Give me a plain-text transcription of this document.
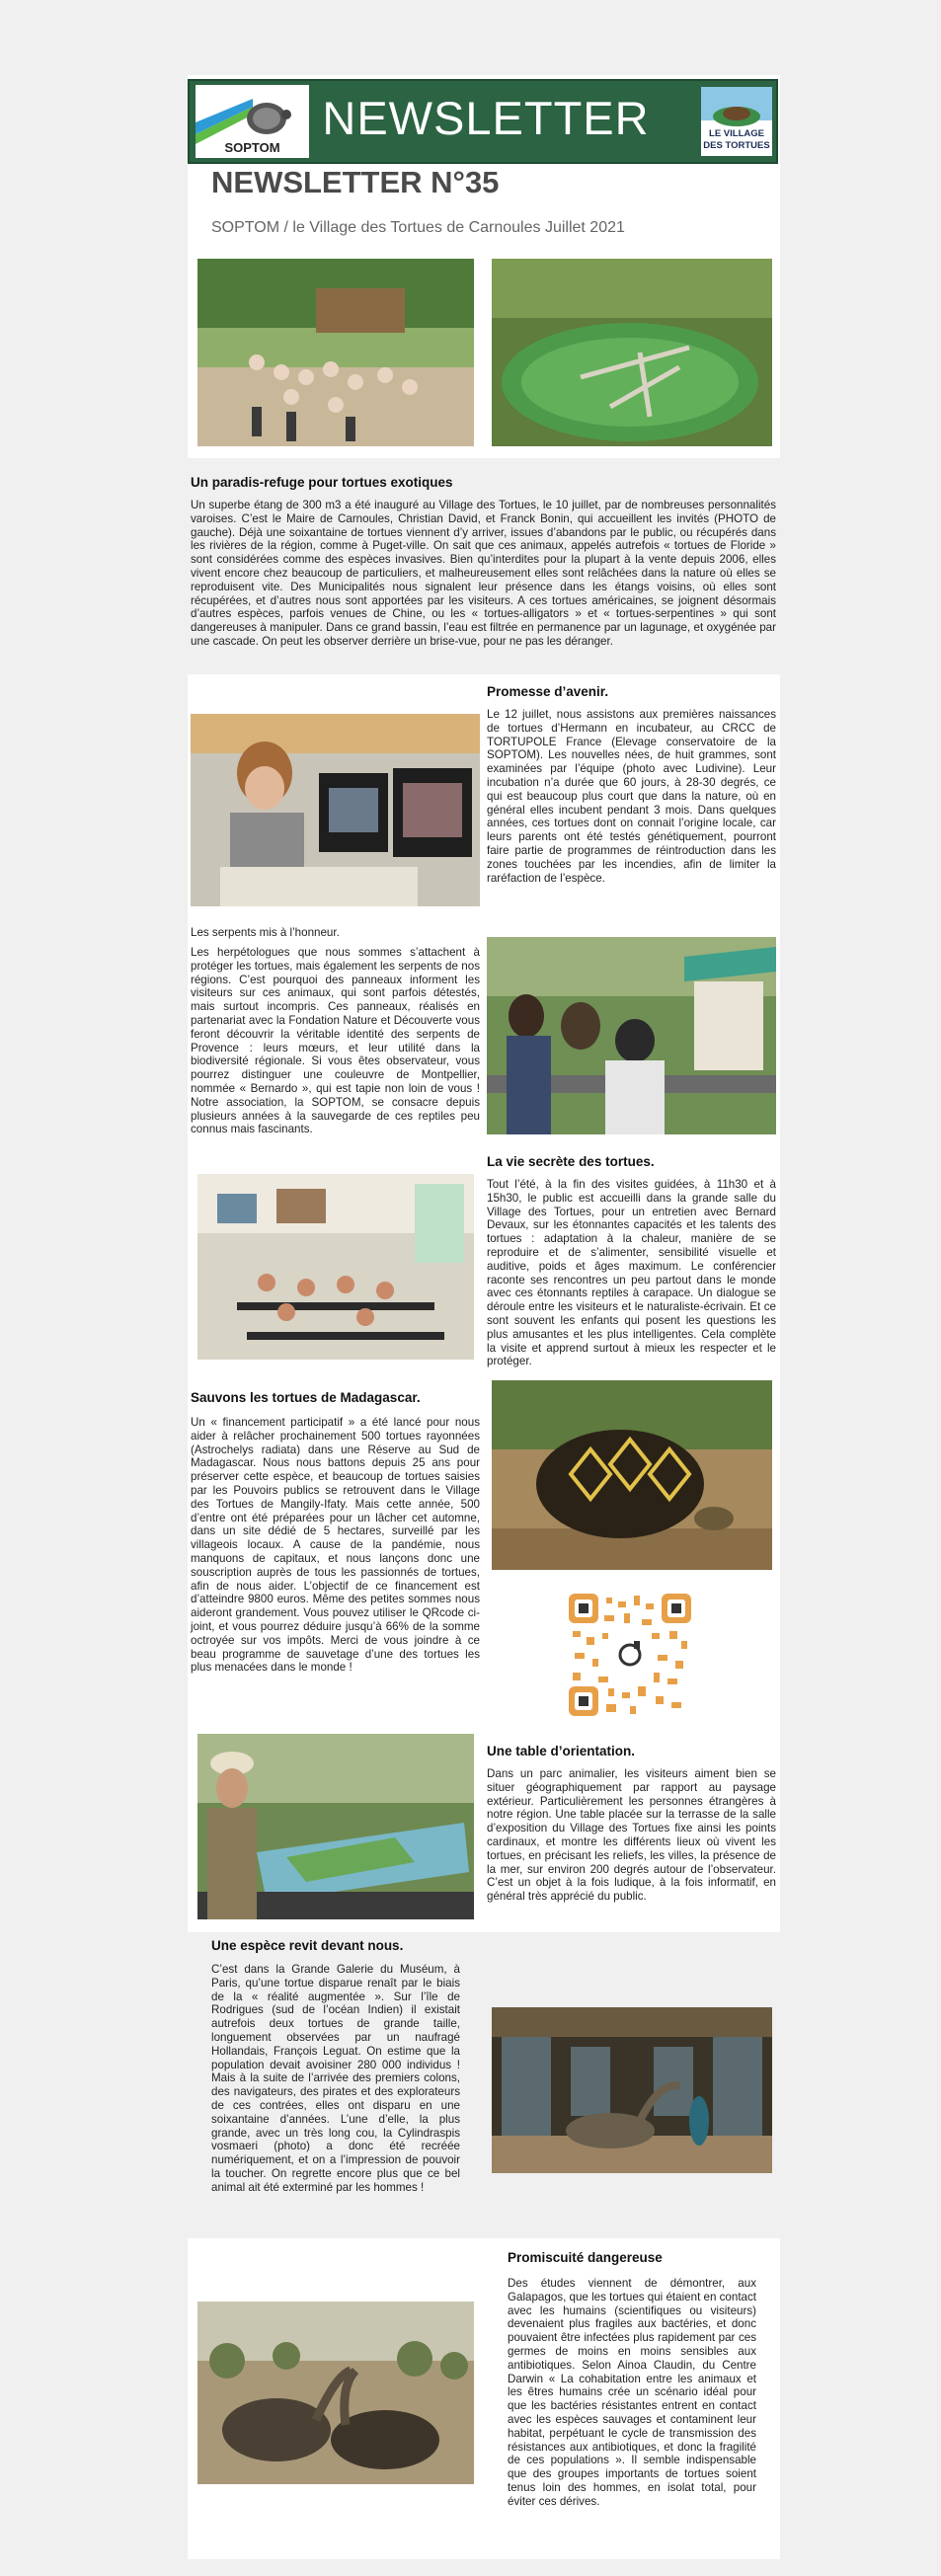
SOPTOM
NEWSLETTER	LE VILLAGE
DES TORTUES
NEWSLETTER N°35
SOPTOM / le Village des Tortues de Carnoules Juillet 2021
Un paradis-refuge pour tortues exotiques

Un superbe étang de 300 m3 a été inauguré au Village des Tortues, le 10 juillet, par de nombreuses personnalités varoises. C’est le Maire de Carnoules, Christian David, et Franck Bonin, qui accueillent les invités (PHOTO de gauche). Déjà une soixantaine de tortues viennent d’y arriver, issues d’abandons par le public, ou récupérés dans les rivières de la région, comme à Puget-ville. On sait que ces animaux, appelés autrefois « tortues de Floride » sont considérées comme des espèces invasives. Bien qu’interdites pour la plupart à la vente depuis 2006, elles vivent encore chez beaucoup de particuliers, et malheureusement elles sont relâchées dans la nature où elles se reproduisent vite. Des Municipalités nous signalent leur présence dans les étangs voisins, où elles sont récupérées, et d’autres nous sont apportées par les visiteurs. A ces tortues américaines, se joignent désormais d’autres espèces, parfois venues de Chine, ou les « tortues-alligators » et « tortues-serpentines » qui sont dangereuses à manipuler. Dans ce grand bassin, l’eau est filtrée en permanence par un lagunage, et oxygénée par une cascade. On peut les observer derrière un brise-vue, pour ne pas les déranger.

Promesse d’avenir.

Le 12 juillet, nous assistons aux premières naissances de tortues d’Hermann en incubateur, au CRCC de TORTUPOLE France (Elevage conservatoire de la SOPTOM). Les nouvelles nées, de huit grammes, sont examinées par l’équipe (photo avec Ludivine). Leur incubation n’a durée que 60 jours, à 28-30 degrés, ce qui est beaucoup plus court que dans la nature, où en général elles incubent pendant 3 mois. Dans quelques années, ces tortues dont on connait l’origine locale, car leurs parents ont été testés génétiquement, pourront faire partie de programmes de réintroduction dans les zones touchées par les incendies, afin de limiter la raréfaction de l’espèce.

Les serpents mis à l’honneur.

Les herpétologues que nous sommes s’attachent à protéger les tortues, mais également les serpents de nos régions. C’est pourquoi des panneaux informent les visiteurs sur ces animaux, qui sont parfois détestés, mais surtout incompris. Ces panneaux, réalisés en partenariat avec la Fondation Nature et Découverte vous feront découvrir la véritable identité des serpents de Provence : leurs mœurs, et leur utilité dans la biodiversité régionale. Si vous êtes observateur, vous pourrez distinguer une couleuvre de Montpellier, nommée « Bernardo », qui est tapie non loin de vous ! Notre association, la SOPTOM, se consacre depuis plusieurs années à la sauvegarde de ces reptiles peu connus mais fascinants.

La vie secrète des tortues.

Tout l’été, à la fin des visites guidées, à 11h30 et à 15h30, le public est accueilli dans la grande salle du Village des Tortues, pour un entretien avec Bernard Devaux, sur les étonnantes capacités et les talents des tortues : adaptation à la chaleur, manière de se reproduire et de s’alimenter, sensibilité visuelle et auditive, poids et âges maximum. Le conférencier raconte ses rencontres un peu partout dans le monde avec ces étonnants reptiles à carapace. Un dialogue se déroule entre les visiteurs et le naturaliste-écrivain. Et ce sont souvent les enfants qui posent les questions les plus amusantes et les plus intelligentes. Cela complète la visite et apprend surtout à mieux les respecter et le protéger.

Sauvons les tortues de Madagascar.

Un « financement participatif » a été lancé pour nous aider à relâcher prochainement 500 tortues rayonnées (Astrochelys radiata) dans une Réserve au Sud de Madagascar. Nous nous battons depuis 25 ans pour préserver cette espèce, et beaucoup de tortues saisies par les Pouvoirs publics se retrouvent dans le Village des Tortues de Mangily-Ifaty. Mais cette année, 500 d’entre ont été préparées pour un lâcher cet automne, dans un site dédié de 5 hectares, surveillé par les villageois locaux. A cause de la pandémie, nous manquons de capitaux, et nous lançons donc une souscription auprès de tous les passionnés de tortues, afin de nous aider. L’objectif de ce financement est d’atteindre 9800 euros. Même des petites sommes nous aideront grandement. Vous pouvez utiliser le QRcode ci-joint, et vous pourrez déduire jusqu’à 66% de la somme octroyée sur vos impôts. Merci de vous joindre à ce beau programme de sauvetage d’une des tortues les plus menacées dans le monde !

Une table d’orientation.

Dans un parc animalier, les visiteurs aiment bien se situer géographiquement par rapport au paysage extérieur. Particulièrement les personnes étrangères à notre région. Une table placée sur la terrasse de la salle d’exposition du Village des Tortues fixe ainsi les points cardinaux, et montre les différents lieux où vivent les tortues, en précisant les reliefs, les villes, la présence de la mer, sur environ 200 degrés autour de l’observateur. C’est un objet à la fois ludique, à la fois informatif, en général très apprécié du public.

Une espèce revit devant nous.

C’est dans la Grande Galerie du Muséum, à Paris, qu’une tortue disparue renaît par le biais de la « réalité augmentée ». Sur l’île de Rodrigues (sud de l’océan Indien) il existait autrefois deux tortues de grande taille, longuement observées par un naufragé Hollandais, François Leguat. On estime que la population devait avoisiner 280 000 individus ! Mais à la suite de l’arrivée des premiers colons, des navigateurs, des pirates et des explorateurs de ces contrées, elles ont disparu en une soixantaine d’années. L’une d’elle, la plus grande, avec un très long cou, la Cylindraspis vosmaeri (photo) a donc été recréée numériquement, et on a l’impression de pouvoir la toucher. On regrette encore plus que ce bel animal ait été exterminé par les hommes !

Promiscuité dangereuse

Des études viennent de démontrer, aux Galapagos, que les tortues qui étaient en contact avec les humains (scientifiques ou visiteurs) devenaient plus fragiles aux bactéries, et donc pouvaient être infectées plus rapidement par ces germes de moins en moins sensibles aux antibiotiques. Selon Ainoa Claudin, du Centre Darwin « La cohabitation entre les animaux et les êtres humains crée un scénario idéal pour que les bactéries résistantes entrent en contact avec les espèces sauvages et contaminent leur habitat, perpétuant le cycle de transmission des résistances aux antibiotiques, et donc la fragilité de ces populations ». Il semble indispensable que des groupes importants de tortues soient tenus loin des hommes, en isolat total, pour éviter ces dérives.
